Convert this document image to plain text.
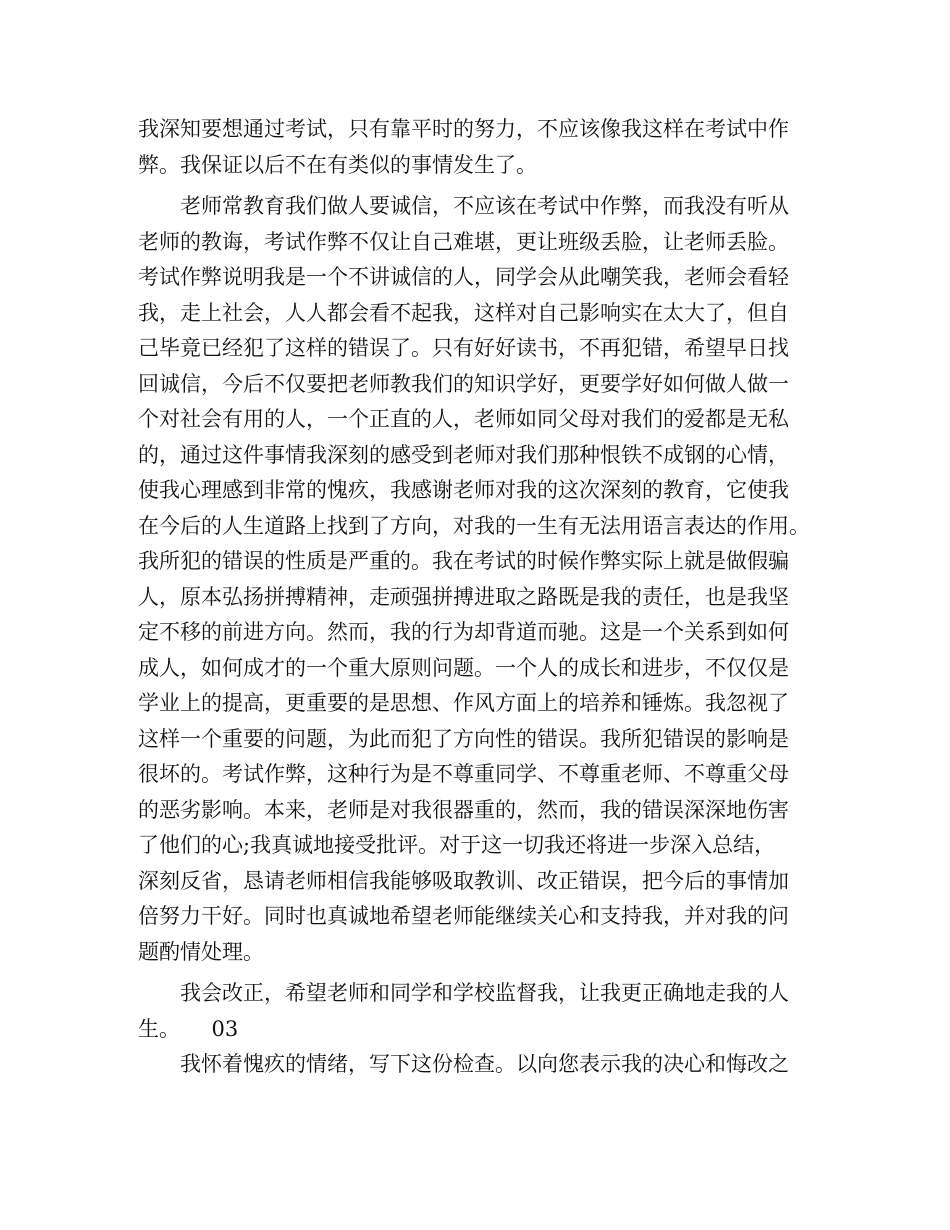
我深知要想通过考试，只有靠平时的努力，不应该像我这样在考试中作
弊。我保证以后不在有类似的事情发生了。
老师常教育我们做人要诚信，不应该在考试中作弊，而我没有听从
老师的教诲，考试作弊不仅让自己难堪，更让班级丢脸，让老师丢脸。
考试作弊说明我是一个不讲诚信的人，同学会从此嘲笑我，老师会看轻
我，走上社会，人人都会看不起我，这样对自己影响实在太大了，但自
己毕竟已经犯了这样的错误了。只有好好读书，不再犯错，希望早日找
回诚信，今后不仅要把老师教我们的知识学好，更要学好如何做人做一
个对社会有用的人，一个正直的人，老师如同父母对我们的爱都是无私
的，通过这件事情我深刻的感受到老师对我们那种恨铁不成钢的心情，
使我心理感到非常的愧疚，我感谢老师对我的这次深刻的教育，它使我
在今后的人生道路上找到了方向，对我的一生有无法用语言表达的作用。
我所犯的错误的性质是严重的。我在考试的时候作弊实际上就是做假骗
人，原本弘扬拼搏精神，走顽强拼搏进取之路既是我的责任，也是我坚
定不移的前进方向。然而，我的行为却背道而驰。这是一个关系到如何
成人，如何成才的一个重大原则问题。一个人的成长和进步，不仅仅是
学业上的提高，更重要的是思想、作风方面上的培养和锤炼。我忽视了
这样一个重要的问题，为此而犯了方向性的错误。我所犯错误的影响是
很坏的。考试作弊，这种行为是不尊重同学、不尊重老师、不尊重父母
的恶劣影响。本来，老师是对我很器重的，然而，我的错误深深地伤害
了他们的心;我真诚地接受批评。对于这一切我还将进一步深入总结，
深刻反省，恳请老师相信我能够吸取教训、改正错误，把今后的事情加
倍努力干好。同时也真诚地希望老师能继续关心和支持我，并对我的问
题酌情处理。
我会改正，希望老师和同学和学校监督我，让我更正确地走我的人
生。　　03
我怀着愧疚的情绪，写下这份检查。以向您表示我的决心和悔改之
